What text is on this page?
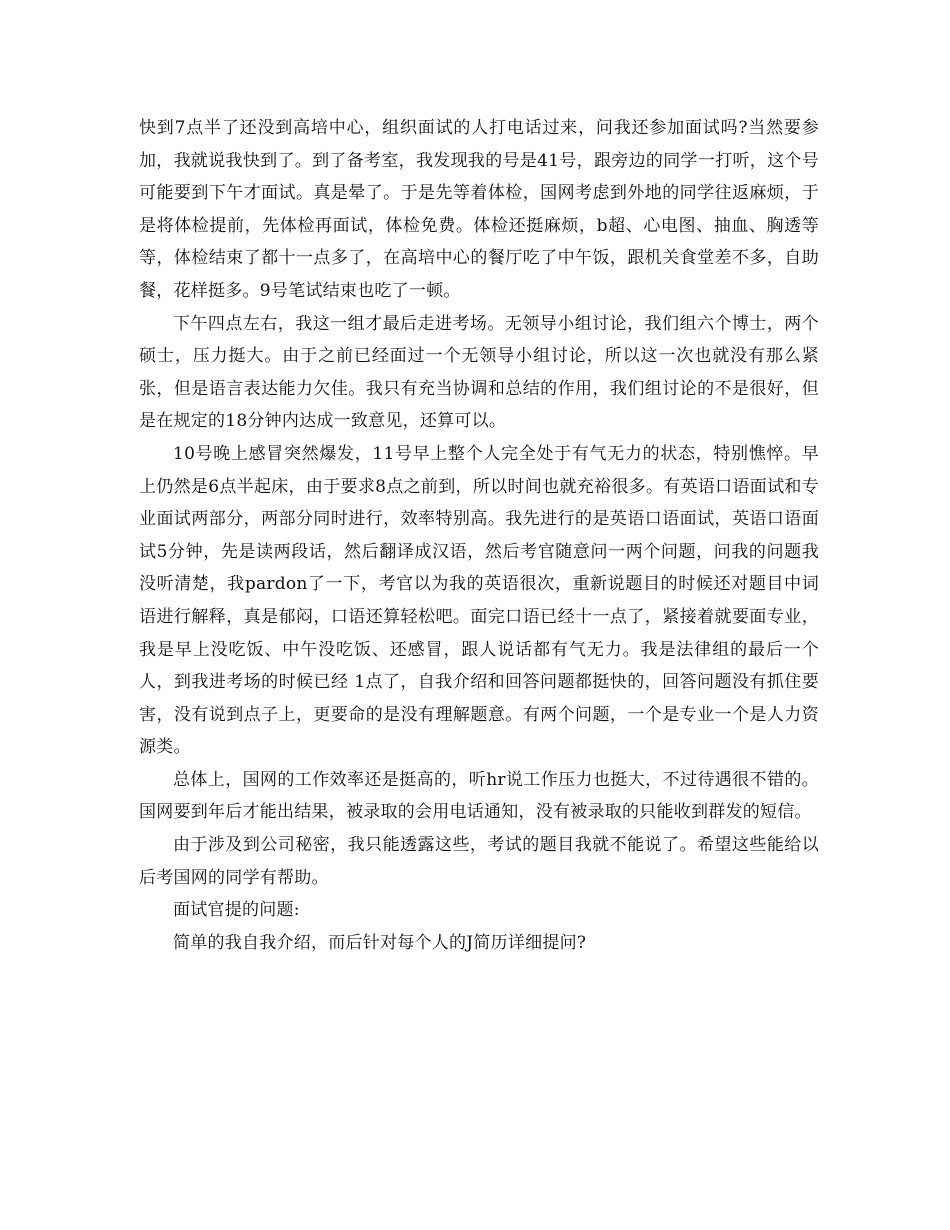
快到7点半了还没到高培中心，组织面试的人打电话过来，问我还参加面试吗?当然要参加，我就说我快到了。到了备考室，我发现我的号是41号，跟旁边的同学一打听，这个号可能要到下午才面试。真是晕了。于是先等着体检，国网考虑到外地的同学往返麻烦，于是将体检提前，先体检再面试，体检免费。体检还挺麻烦，b超、心电图、抽血、胸透等等，体检结束了都十一点多了，在高培中心的餐厅吃了中午饭，跟机关食堂差不多，自助餐，花样挺多。9号笔试结束也吃了一顿。

下午四点左右，我这一组才最后走进考场。无领导小组讨论，我们组六个博士，两个硕士，压力挺大。由于之前已经面过一个无领导小组讨论，所以这一次也就没有那么紧张，但是语言表达能力欠佳。我只有充当协调和总结的作用，我们组讨论的不是很好，但是在规定的18分钟内达成一致意见，还算可以。

10号晚上感冒突然爆发，11号早上整个人完全处于有气无力的状态，特别憔悴。早上仍然是6点半起床，由于要求8点之前到，所以时间也就充裕很多。有英语口语面试和专业面试两部分，两部分同时进行，效率特别高。我先进行的是英语口语面试，英语口语面试5分钟，先是读两段话，然后翻译成汉语，然后考官随意问一两个问题，问我的问题我没听清楚，我pardon了一下，考官以为我的英语很次，重新说题目的时候还对题目中词语进行解释，真是郁闷，口语还算轻松吧。面完口语已经十一点了，紧接着就要面专业，我是早上没吃饭、中午没吃饭、还感冒，跟人说话都有气无力。我是法律组的最后一个人，到我进考场的时候已经 1点了，自我介绍和回答问题都挺快的，回答问题没有抓住要害，没有说到点子上，更要命的是没有理解题意。有两个问题，一个是专业一个是人力资源类。

总体上，国网的工作效率还是挺高的，听hr说工作压力也挺大，不过待遇很不错的。国网要到年后才能出结果，被录取的会用电话通知，没有被录取的只能收到群发的短信。

由于涉及到公司秘密，我只能透露这些，考试的题目我就不能说了。希望这些能给以后考国网的同学有帮助。

面试官提的问题:

简单的我自我介绍，而后针对每个人的J简历详细提问?
